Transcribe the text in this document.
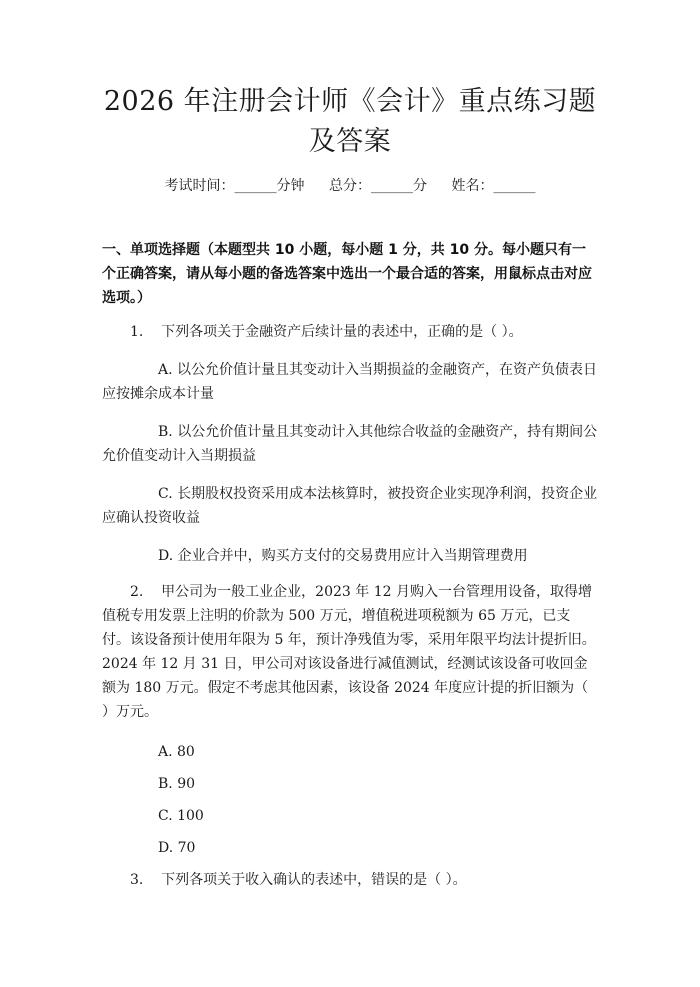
2026 年注册会计师《会计》重点练习题及答案
考试时间：______分钟 总分：______分 姓名：______
一、单项选择题（本题型共 10 小题，每小题 1 分，共 10 分。每小题只有一个正确答案，请从每小题的备选答案中选出一个最合适的答案，用鼠标点击对应选项。）
1. 下列各项关于金融资产后续计量的表述中，正确的是（ ）。
A. 以公允价值计量且其变动计入当期损益的金融资产，在资产负债表日应按摊余成本计量
B. 以公允价值计量且其变动计入其他综合收益的金融资产，持有期间公允价值变动计入当期损益
C. 长期股权投资采用成本法核算时，被投资企业实现净利润，投资企业应确认投资收益
D. 企业合并中，购买方支付的交易费用应计入当期管理费用
2. 甲公司为一般工业企业，2023 年 12 月购入一台管理用设备，取得增值税专用发票上注明的价款为 500 万元，增值税进项税额为 65 万元，已支付。该设备预计使用年限为 5 年，预计净残值为零，采用年限平均法计提折旧。2024 年 12 月 31 日，甲公司对该设备进行减值测试，经测试该设备可收回金额为 180 万元。假定不考虑其他因素，该设备 2024 年度应计提的折旧额为（ ）万元。
A. 80
B. 90
C. 100
D. 70
3. 下列各项关于收入确认的表述中，错误的是（ ）。
